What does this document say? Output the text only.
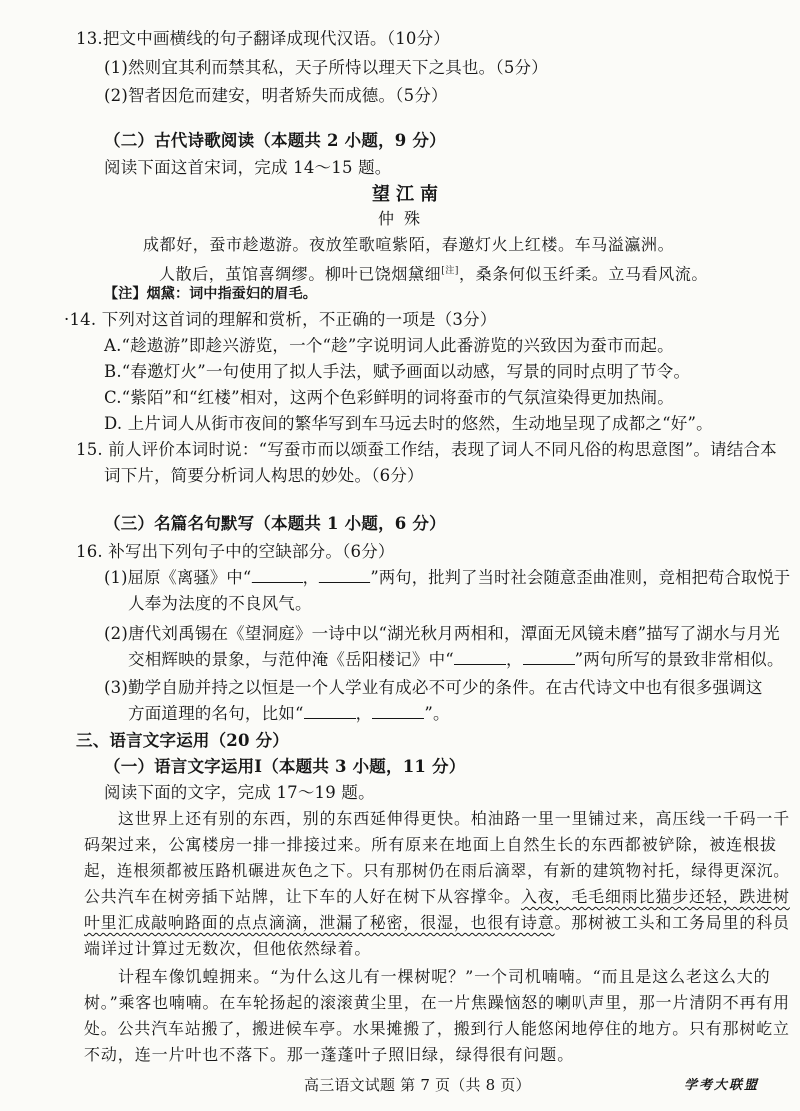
13.把文中画横线的句子翻译成现代汉语。（10分）
(1)然则宜其利而禁其私，天子所恃以理天下之具也。（5分）
(2)智者因危而建安，明者矫失而成德。（5分）
（二）古代诗歌阅读（本题共 2 小题，9 分）
阅读下面这首宋词，完成 14～15 题。
望江南
仲殊
成都好，蚕市趁遨游。夜放笙歌喧紫陌，春邀灯火上红楼。车马溢瀛洲。
人散后，茧馆喜绸缪。柳叶已饶烟黛细[注]，桑条何似玉纤柔。立马看风流。
【注】烟黛：词中指蚕妇的眉毛。
·14. 下列对这首词的理解和赏析，不正确的一项是（3分）
A.“趁遨游”即趁兴游览，一个“趁”字说明词人此番游览的兴致因为蚕市而起。
B.“春邀灯火”一句使用了拟人手法，赋予画面以动感，写景的同时点明了节令。
C.“紫陌”和“红楼”相对，这两个色彩鲜明的词将蚕市的气氛渲染得更加热闹。
D. 上片词人从街市夜间的繁华写到车马远去时的悠然，生动地呈现了成都之“好”。
15. 前人评价本词时说：“写蚕市而以颂蚕工作结，表现了词人不同凡俗的构思意图”。请结合本
词下片，简要分析词人构思的妙处。（6分）
（三）名篇名句默写（本题共 1 小题，6 分）
16. 补写出下列句子中的空缺部分。（6分）
(1)屈原《离骚》中“	，	”两句，批判了当时社会随意歪曲准则，竞相把苟合取悦于
人奉为法度的不良风气。
(2)唐代刘禹锡在《望洞庭》一诗中以“湖光秋月两相和，潭面无风镜未磨”描写了湖水与月光
交相辉映的景象，与范仲淹《岳阳楼记》中“	，	”两句所写的景致非常相似。
(3)勤学自励并持之以恒是一个人学业有成必不可少的条件。在古代诗文中也有很多强调这
方面道理的名句，比如“	，	”。
三、语言文字运用（20 分）
（一）语言文字运用Ⅰ（本题共 3 小题，11 分）
阅读下面的文字，完成 17～19 题。
这世界上还有别的东西，别的东西延伸得更快。柏油路一里一里铺过来，高压线一千码一千
码架过来，公寓楼房一排一排接过来。所有原来在地面上自然生长的东西都被铲除，被连根拔
起，连根须都被压路机碾进灰色之下。只有那树仍在雨后滴翠，有新的建筑物衬托，绿得更深沉。
公共汽车在树旁插下站牌，让下车的人好在树下从容撑伞。入夜，毛毛细雨比猫步还轻，跌进树
叶里汇成敲响路面的点点滴滴，泄漏了秘密，很湿，也很有诗意。那树被工头和工务局里的科员
端详过计算过无数次，但他依然绿着。
计程车像饥蝗拥来。“为什么这儿有一棵树呢？”一个司机喃喃。“而且是这么老这么大的
树。”乘客也喃喃。在车轮扬起的滚滚黄尘里，在一片焦躁恼怒的喇叭声里，那一片清阴不再有用
处。公共汽车站搬了，搬进候车亭。水果摊搬了，搬到行人能悠闲地停住的地方。只有那树屹立
不动，连一片叶也不落下。那一蓬蓬叶子照旧绿，绿得很有问题。
高三语文试题 第 7 页（共 8 页）	学考大联盟
